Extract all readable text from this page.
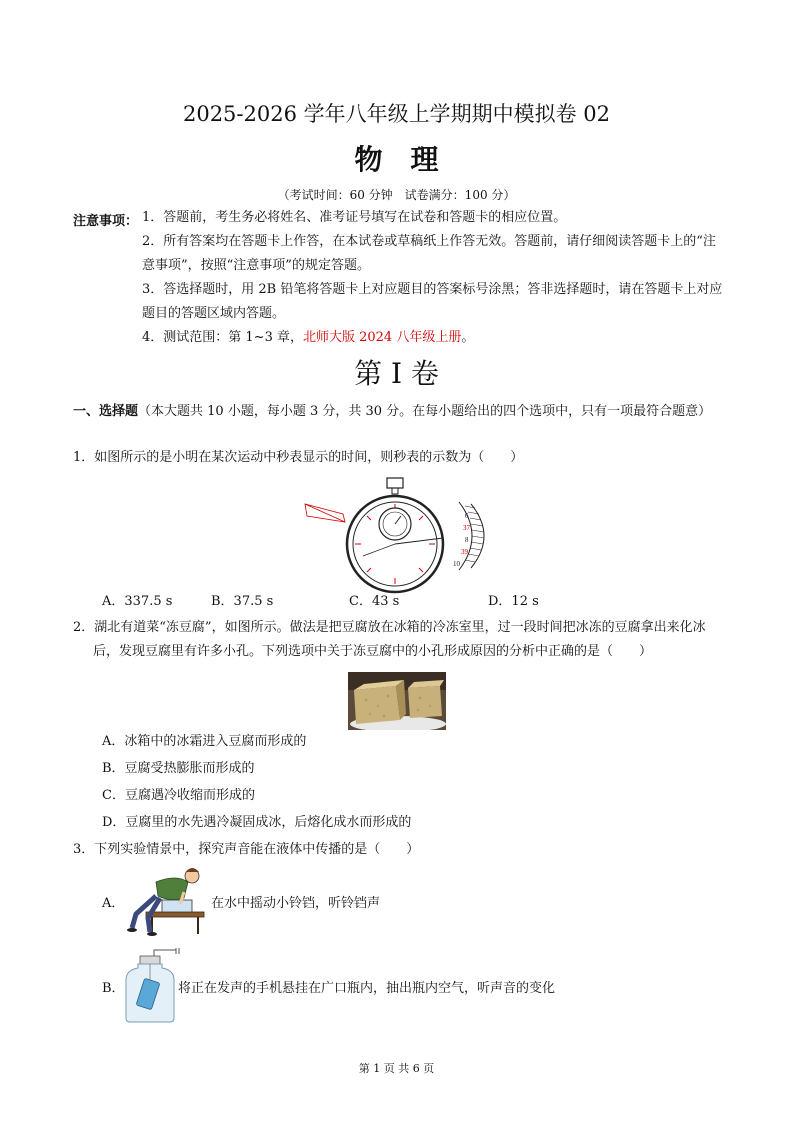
2025-2026 学年八年级上学期期中模拟卷 02
物理
（考试时间：60 分钟　试卷满分：100 分）
注意事项： 1．答题前，考生务必将姓名、准考证号填写在试卷和答题卡的相应位置。
2．所有答案均在答题卡上作答，在本试卷或草稿纸上作答无效。答题前，请仔细阅读答题卡上的“注意事项”，按照“注意事项”的规定答题。
3．答选择题时，用 2B 铅笔将答题卡上对应题目的答案标号涂黑；答非选择题时，请在答题卡上对应题目的答题区域内答题。
4．测试范围：第 1~3 章，北师大版 2024 八年级上册。
第 I 卷
一、选择题（本大题共 10 小题，每小题 3 分，共 30 分。在每小题给出的四个选项中，只有一项最符合题意）
1．如图所示的是小明在某次运动中秒表显示的时间，则秒表的示数为（　　）
6
37
8
39
10
A．337.5 s	B．37.5 s	C．43 s	D．12 s
2．湖北有道菜“冻豆腐”，如图所示。做法是把豆腐放在冰箱的冷冻室里，过一段时间把冰冻的豆腐拿出来化冰后，发现豆腐里有许多小孔。下列选项中关于冻豆腐中的小孔形成原因的分析中正确的是（　　）
A．冰箱中的冰霜进入豆腐而形成的
B．豆腐受热膨胀而形成的
C．豆腐遇冷收缩而形成的
D．豆腐里的水先遇冷凝固成冰，后熔化成水而形成的
3．下列实验情景中，探究声音能在液体中传播的是（　　）
A．	在水中摇动小铃铛，听铃铛声
B．	将正在发声的手机悬挂在广口瓶内，抽出瓶内空气，听声音的变化
第 1 页 共 6 页
